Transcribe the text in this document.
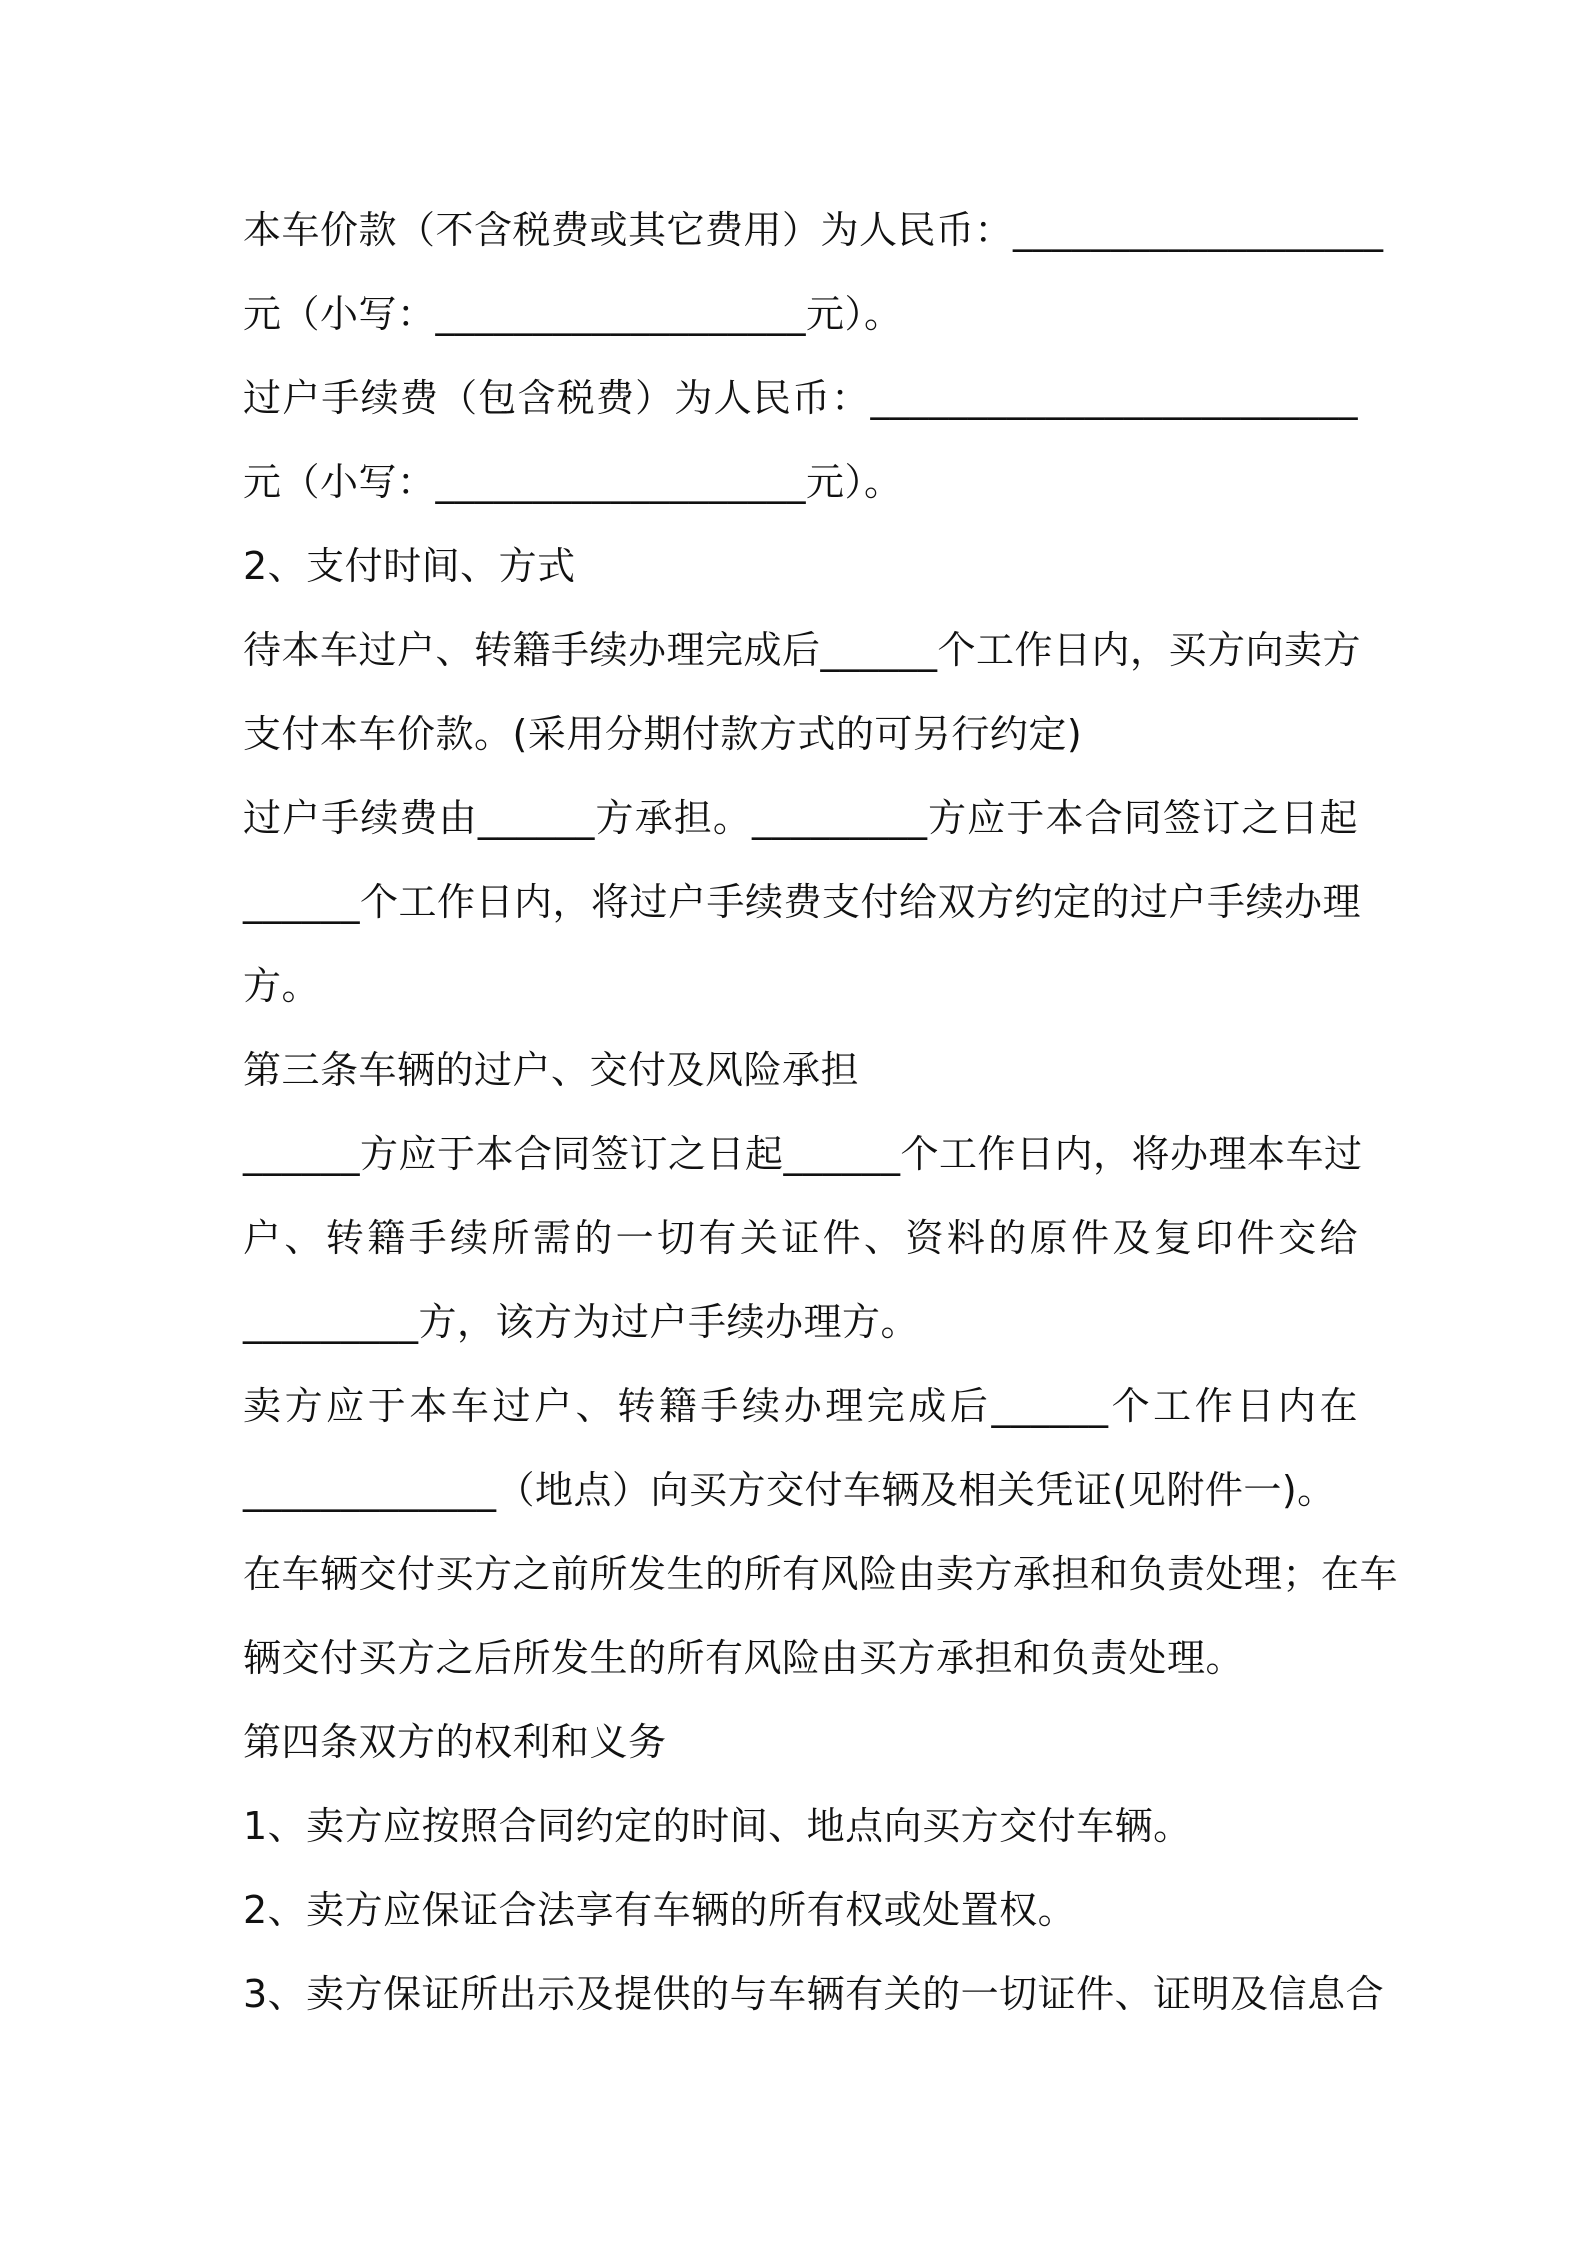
本车价款（不含税费或其它费用）为人民币：___________________
元（小写：___________________元）。
过户手续费（包含税费）为人民币：_________________________
元（小写：___________________元）。
2、支付时间、方式
待本车过户、转籍手续办理完成后______个工作日内，买方向卖方
支付本车价款。(采用分期付款方式的可另行约定)
过户手续费由______方承担。_________方应于本合同签订之日起
______个工作日内，将过户手续费支付给双方约定的过户手续办理
方。
第三条车辆的过户、交付及风险承担
______方应于本合同签订之日起______个工作日内，将办理本车过
户、转籍手续所需的一切有关证件、资料的原件及复印件交给
_________方，该方为过户手续办理方。
卖方应于本车过户、转籍手续办理完成后______个工作日内在
_____________（地点）向买方交付车辆及相关凭证(见附件一)。
在车辆交付买方之前所发生的所有风险由卖方承担和负责处理；在车
辆交付买方之后所发生的所有风险由买方承担和负责处理。
第四条双方的权利和义务
1、卖方应按照合同约定的时间、地点向买方交付车辆。
2、卖方应保证合法享有车辆的所有权或处置权。
3、卖方保证所出示及提供的与车辆有关的一切证件、证明及信息合
